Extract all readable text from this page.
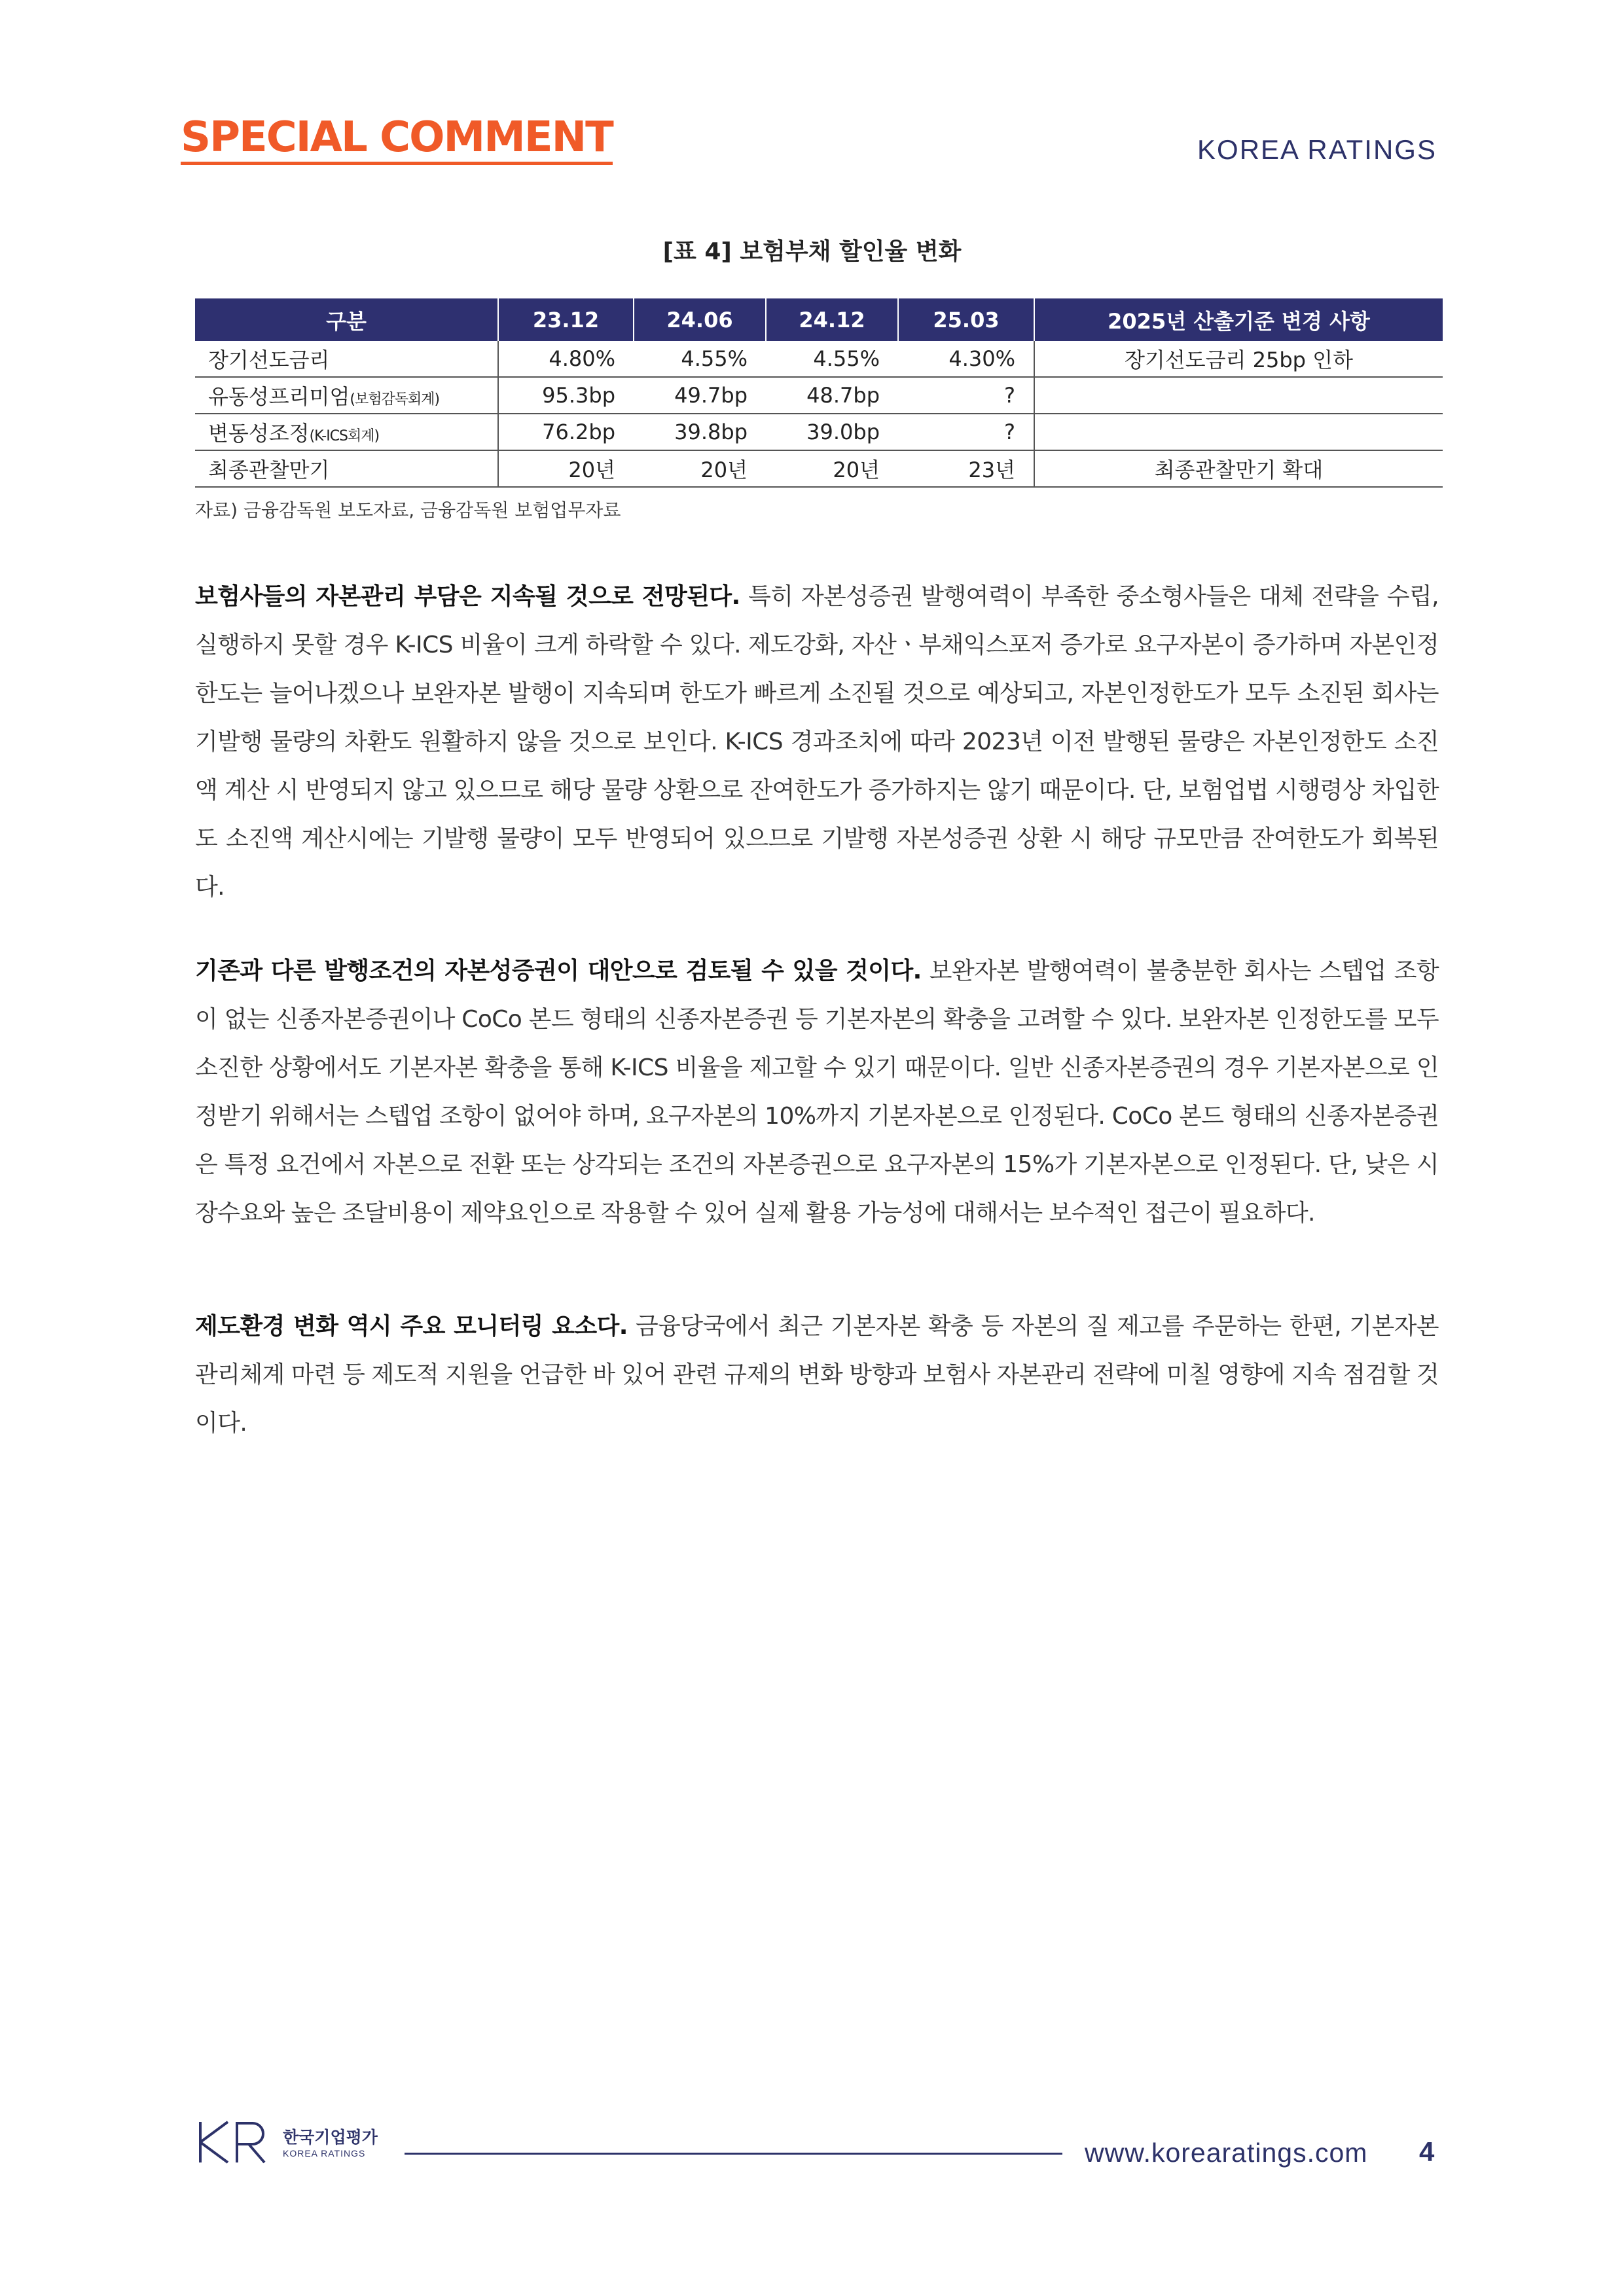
SPECIAL COMMENT	KOREA RATINGS
[표 4] 보험부채 할인율 변화
구분	23.12	24.06	24.12	25.03	2025년 산출기준 변경 사항
장기선도금리	4.80%	4.55%	4.55%	4.30%	장기선도금리 25bp 인하
유동성프리미엄(보험감독회계)	95.3bp	49.7bp	48.7bp	?	
변동성조정(K-ICS회계)	76.2bp	39.8bp	39.0bp	?	
최종관찰만기	20년	20년	20년	23년	최종관찰만기 확대
자료) 금융감독원 보도자료, 금융감독원 보험업무자료

보험사들의 자본관리 부담은 지속될 것으로 전망된다. 특히 자본성증권 발행여력이 부족한 중소형사들은 대체 전략을 수립, 실행하지 못할 경우 K-ICS 비율이 크게 하락할 수 있다. 제도강화, 자산ㆍ부채익스포저 증가로 요구자본이 증가하며 자본인정한도는 늘어나겠으나 보완자본 발행이 지속되며 한도가 빠르게 소진될 것으로 예상되고, 자본인정한도가 모두 소진된 회사는 기발행 물량의 차환도 원활하지 않을 것으로 보인다. K-ICS 경과조치에 따라 2023년 이전 발행된 물량은 자본인정한도 소진액 계산 시 반영되지 않고 있으므로 해당 물량 상환으로 잔여한도가 증가하지는 않기 때문이다. 단, 보험업법 시행령상 차입한도 소진액 계산시에는 기발행 물량이 모두 반영되어 있으므로 기발행 자본성증권 상환 시 해당 규모만큼 잔여한도가 회복된다.

기존과 다른 발행조건의 자본성증권이 대안으로 검토될 수 있을 것이다. 보완자본 발행여력이 불충분한 회사는 스텝업 조항이 없는 신종자본증권이나 CoCo 본드 형태의 신종자본증권 등 기본자본의 확충을 고려할 수 있다. 보완자본 인정한도를 모두 소진한 상황에서도 기본자본 확충을 통해 K-ICS 비율을 제고할 수 있기 때문이다. 일반 신종자본증권의 경우 기본자본으로 인정받기 위해서는 스텝업 조항이 없어야 하며, 요구자본의 10%까지 기본자본으로 인정된다. CoCo 본드 형태의 신종자본증권은 특정 요건에서 자본으로 전환 또는 상각되는 조건의 자본증권으로 요구자본의 15%가 기본자본으로 인정된다. 단, 낮은 시장수요와 높은 조달비용이 제약요인으로 작용할 수 있어 실제 활용 가능성에 대해서는 보수적인 접근이 필요하다.

제도환경 변화 역시 주요 모니터링 요소다. 금융당국에서 최근 기본자본 확충 등 자본의 질 제고를 주문하는 한편, 기본자본 관리체계 마련 등 제도적 지원을 언급한 바 있어 관련 규제의 변화 방향과 보험사 자본관리 전략에 미칠 영향에 지속 점검할 것이다.

한국기업평가
KOREA RATINGS	www.korearatings.com 4
